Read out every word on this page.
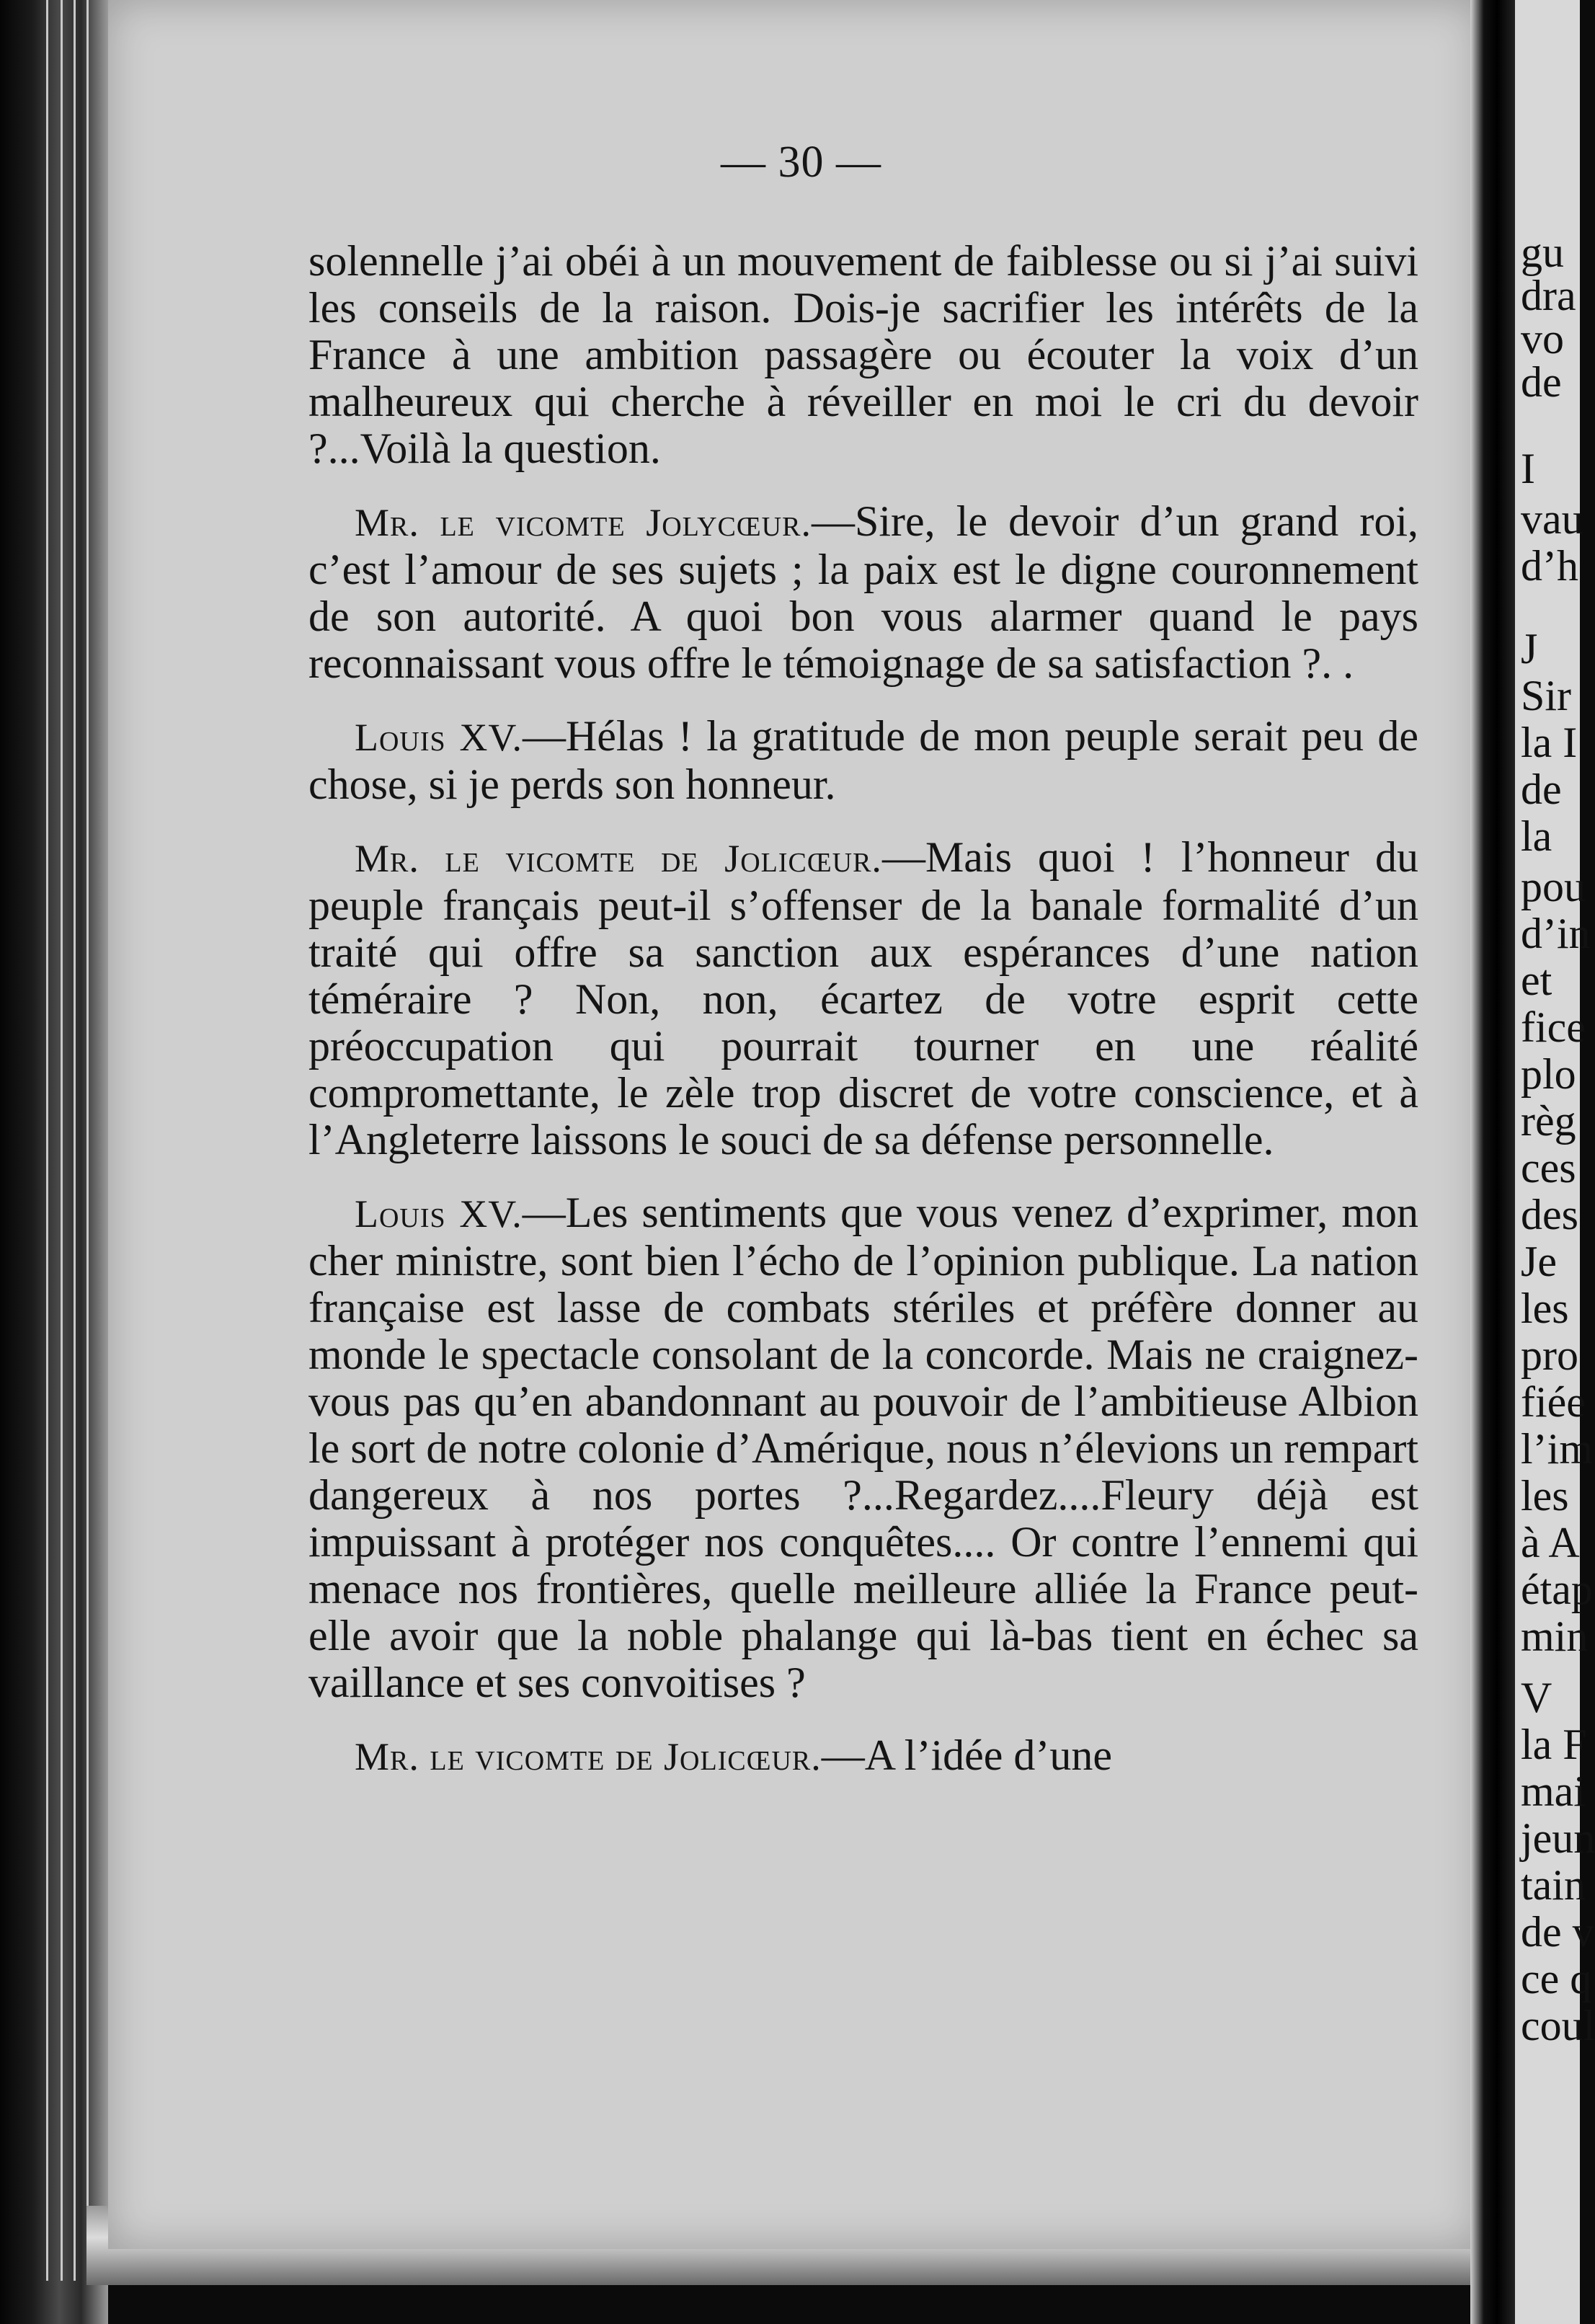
gu
dra
vo
de
I
vau
d’h
J
Sir
la I
de
la
pou
d’in
et
fice
plo
règ
ces
des
Je
les
pro
fiée
l’im
les
à A
étap
min
V
la F
mai
jeun
tain
de v
ce q
coul
— 30 —

solennelle j’ai obéi à un mouvement de faiblesse ou si j’ai suivi les conseils de la raison. Dois-je sacrifier les intérêts de la France à une ambition passagère ou écouter la voix d’un malheureux qui cherche à réveiller en moi le cri du devoir ?...Voilà la question.

Mr. le vicomte Jolycœur.—Sire, le devoir d’un grand roi, c’est l’amour de ses sujets ; la paix est le digne couronnement de son autorité. A quoi bon vous alarmer quand le pays reconnaissant vous offre le témoignage de sa satisfaction ?. .

Louis XV.—Hélas ! la gratitude de mon peuple serait peu de chose, si je perds son honneur.

Mr. le vicomte de Jolicœur.—Mais quoi ! l’honneur du peuple français peut-il s’offenser de la banale formalité d’un traité qui offre sa sanction aux espérances d’une nation téméraire ? Non, non, écartez de votre esprit cette préoccupation qui pourrait tourner en une réalité compromettante, le zèle trop discret de votre conscience, et à l’Angleterre laissons le souci de sa défense personnelle.

Louis XV.—Les sentiments que vous venez d’exprimer, mon cher ministre, sont bien l’écho de l’opinion publique. La nation française est lasse de combats stériles et préfère donner au monde le spectacle consolant de la concorde. Mais ne craignez-vous pas qu’en abandonnant au pouvoir de l’ambitieuse Albion le sort de notre colonie d’Amérique, nous n’élevions un rempart dangereux à nos portes ?...Regardez....Fleury déjà est impuissant à protéger nos conquêtes.... Or contre l’ennemi qui menace nos frontières, quelle meilleure alliée la France peut-elle avoir que la noble phalange qui là-bas tient en échec sa vaillance et ses convoitises ?

Mr. le vicomte de Jolicœur.—A l’idée d’une
